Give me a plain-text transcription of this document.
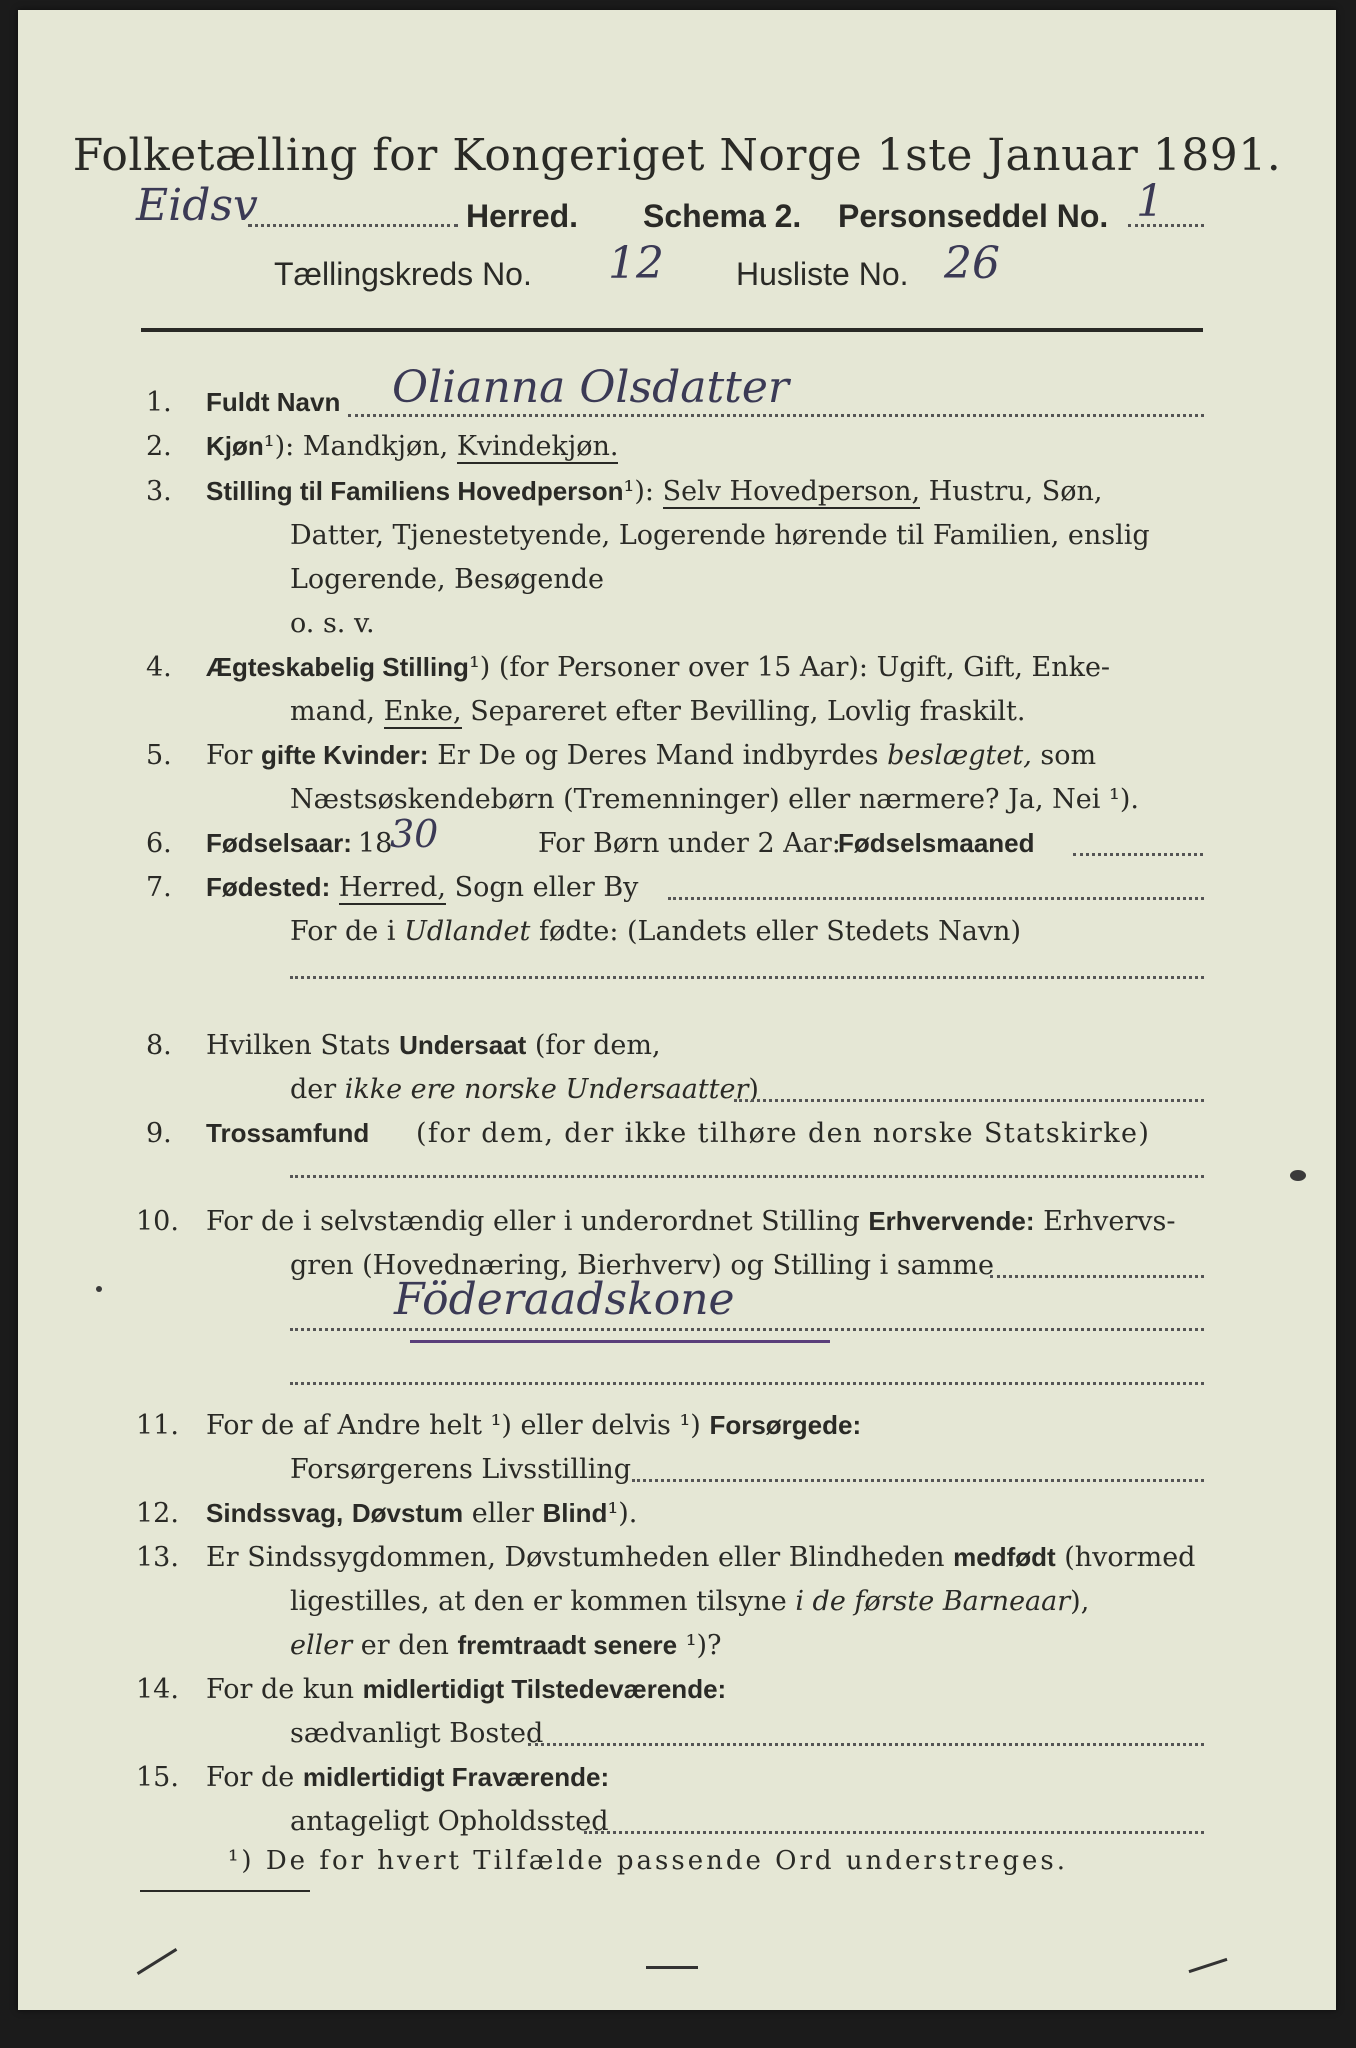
Folketælling for Kongeriget Norge 1ste Januar 1891.
Eidsv	Herred. Schema 2. Personseddel No. 1
Tællingskreds No. 12 Husliste No. 26
1. Fuldt Navn Olianna Olsdatter
2. Kjøn¹): Mandkjøn, Kvindekjøn.
3. Stilling til Familiens Hovedperson¹): Selv Hovedperson, Hustru, Søn,
Datter, Tjenestetyende, Logerende hørende til Familien, enslig
Logerende, Besøgende
o. s. v.
4. Ægteskabelig Stilling¹) (for Personer over 15 Aar): Ugift, Gift, Enke-
mand, Enke, Separeret efter Bevilling, Lovlig fraskilt.
5. For gifte Kvinder: Er De og Deres Mand indbyrdes beslægtet, som
Næstsøskendebørn (Tremenninger) eller nærmere? Ja, Nei ¹).
6. Fødselsaar: 18
30	For Børn under 2 Aar:
Fødselsmaaned
7. Fødested: Herred, Sogn eller By
For de i Udlandet fødte: (Landets eller Stedets Navn)
8. Hvilken Stats Undersaat (for dem,
der ikke ere norske Undersaatter)
9. Trossamfund (for dem, der ikke tilhøre den norske Statskirke)
10. For de i selvstændig eller i underordnet Stilling Erhvervende: Erhvervs-
gren (Hovednæring, Bierhverv) og Stilling i samme
Föderaadskone
11. For de af Andre helt ¹) eller delvis ¹) Forsørgede:
Forsørgerens Livsstilling
12. Sindssvag, Døvstum eller Blind¹).
13. Er Sindssygdommen, Døvstumheden eller Blindheden medfødt (hvormed
ligestilles, at den er kommen tilsyne i de første Barneaar),
eller er den fremtraadt senere ¹)?
14. For de kun midlertidigt Tilstedeværende:
sædvanligt Bosted
15. For de midlertidigt Fraværende:
antageligt Opholdssted
¹) De for hvert Tilfælde passende Ord understreges.
